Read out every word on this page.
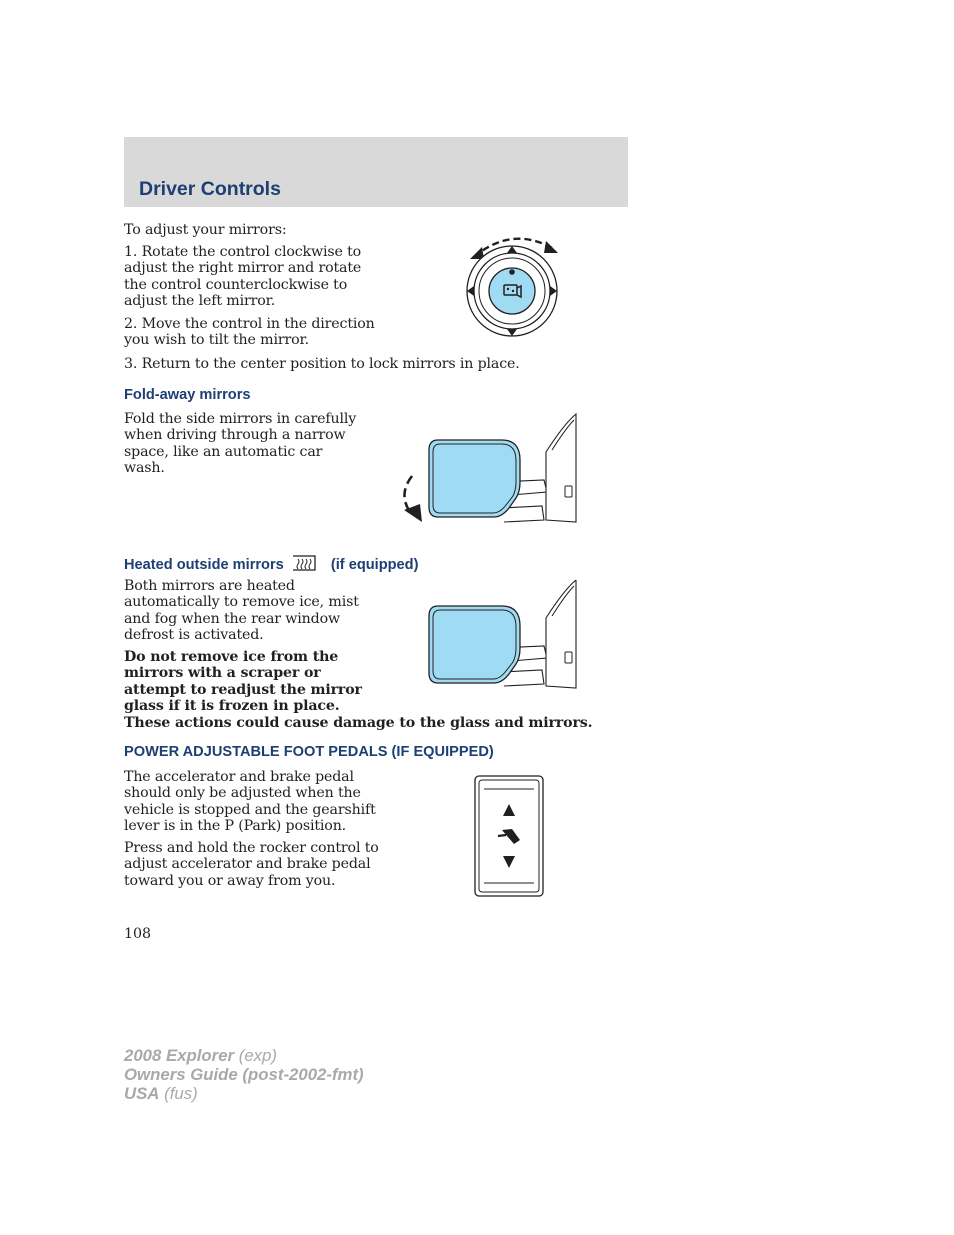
Driver Controls

To adjust your mirrors:

1. Rotate the control clockwise to adjust the right mirror and rotate the control counterclockwise to adjust the left mirror.

2. Move the control in the direction you wish to tilt the mirror.

3. Return to the center position to lock mirrors in place.

Fold-away mirrors

Fold the side mirrors in carefully when driving through a narrow space, like an automatic car wash.

Heated outside mirrors	(if equipped)

Both mirrors are heated automatically to remove ice, mist and fog when the rear window defrost is activated.

Do not remove ice from the mirrors with a scraper or attempt to readjust the mirror glass if it is frozen in place.

These actions could cause damage to the glass and mirrors.

POWER ADJUSTABLE FOOT PEDALS (IF EQUIPPED)

The accelerator and brake pedal should only be adjusted when the vehicle is stopped and the gearshift lever is in the P (Park) position.

Press and hold the rocker control to adjust accelerator and brake pedal toward you or away from you.

108
2008 Explorer (exp)
Owners Guide (post-2002-fmt)
USA (fus)
